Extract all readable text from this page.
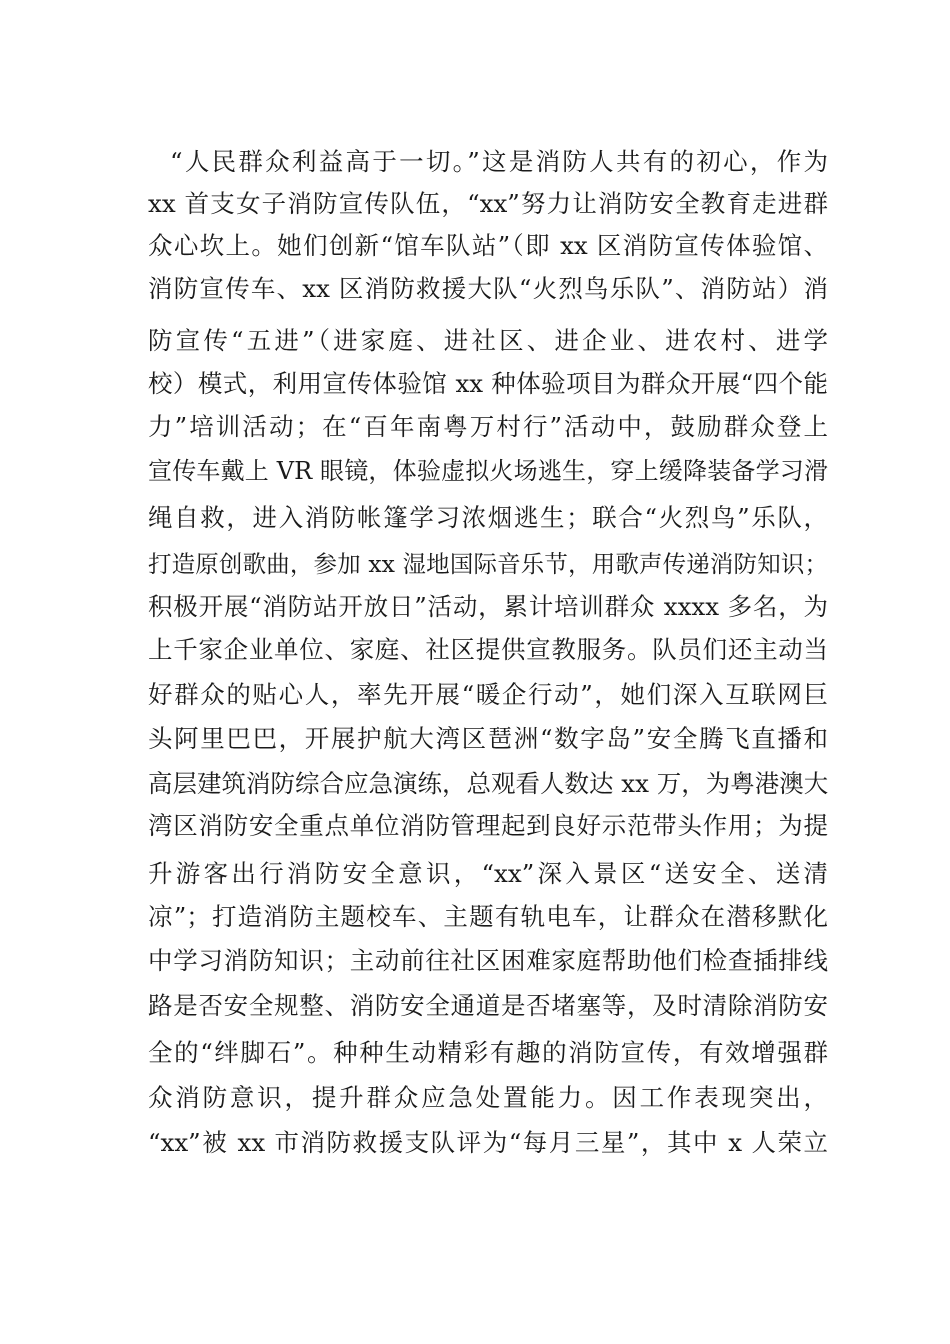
“人民群众利益高于一切。”这是消防人共有的初心，作为
xx 首支女子消防宣传队伍，“xx”努力让消防安全教育走进群
众心坎上。她们创新“馆车队站”（即 xx 区消防宣传体验馆、
消防宣传车、xx 区消防救援大队“火烈鸟乐队”、消防站）消
防宣传“五进”（进家庭、进社区、进企业、进农村、进学
校）模式，利用宣传体验馆 xx 种体验项目为群众开展“四个能
力”培训活动；在“百年南粤万村行”活动中，鼓励群众登上
宣传车戴上 VR 眼镜，体验虚拟火场逃生，穿上缓降装备学习滑
绳自救，进入消防帐篷学习浓烟逃生；联合“火烈鸟”乐队，
打造原创歌曲，参加 xx 湿地国际音乐节，用歌声传递消防知识；
积极开展“消防站开放日”活动，累计培训群众 xxxx 多名，为
上千家企业单位、家庭、社区提供宣教服务。队员们还主动当
好群众的贴心人，率先开展“暖企行动”，她们深入互联网巨
头阿里巴巴，开展护航大湾区琶洲“数字岛”安全腾飞直播和
高层建筑消防综合应急演练，总观看人数达 xx 万，为粤港澳大
湾区消防安全重点单位消防管理起到良好示范带头作用；为提
升游客出行消防安全意识，“xx”深入景区“送安全、送清
凉”；打造消防主题校车、主题有轨电车，让群众在潜移默化
中学习消防知识；主动前往社区困难家庭帮助他们检查插排线
路是否安全规整、消防安全通道是否堵塞等，及时清除消防安
全的“绊脚石”。种种生动精彩有趣的消防宣传，有效增强群
众消防意识，提升群众应急处置能力。因工作表现突出，
“xx”被 xx 市消防救援支队评为“每月三星”，其中 x 人荣立
